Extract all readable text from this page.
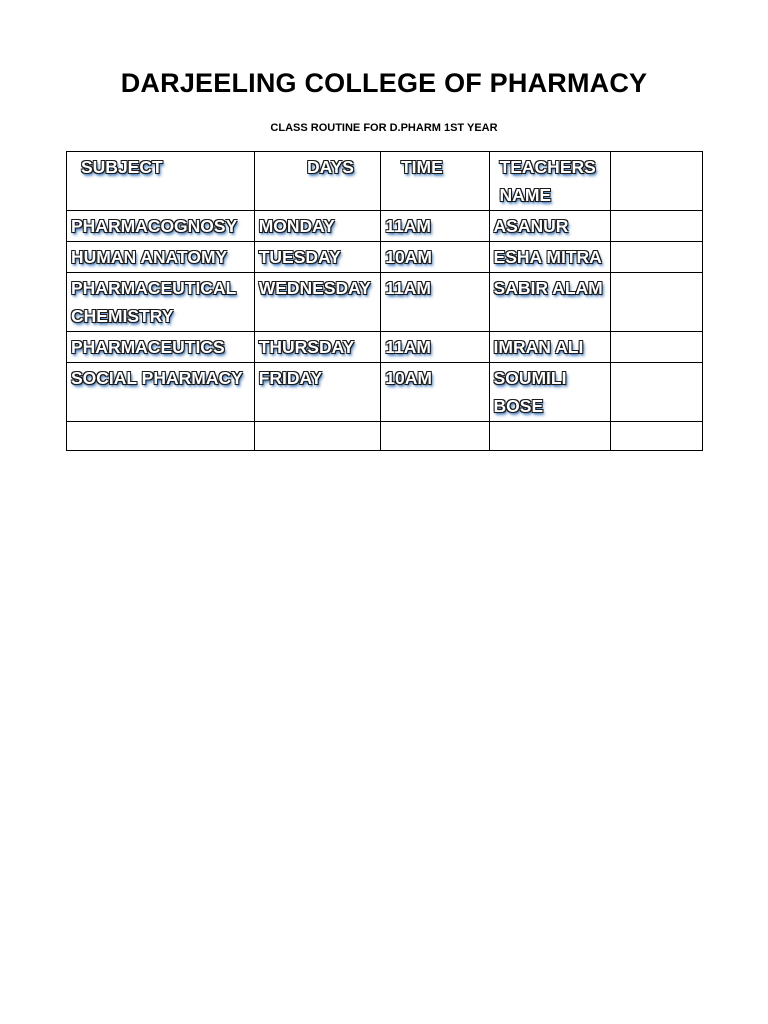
DARJEELING COLLEGE OF PHARMACY

CLASS ROUTINE FOR D.PHARM 1ST YEAR

SUBJECT	DAYS	TIME	TEACHERS NAME	
PHARMACOGNOSY	MONDAY	11AM	ASANUR	
HUMAN ANATOMY	TUESDAY	10AM	ESHA MITRA	
PHARMACEUTICAL CHEMISTRY	WEDNESDAY	11AM	SABIR ALAM	
PHARMACEUTICS	THURSDAY	11AM	IMRAN ALI	
SOCIAL PHARMACY	FRIDAY	10AM	SOUMILI BOSE	
